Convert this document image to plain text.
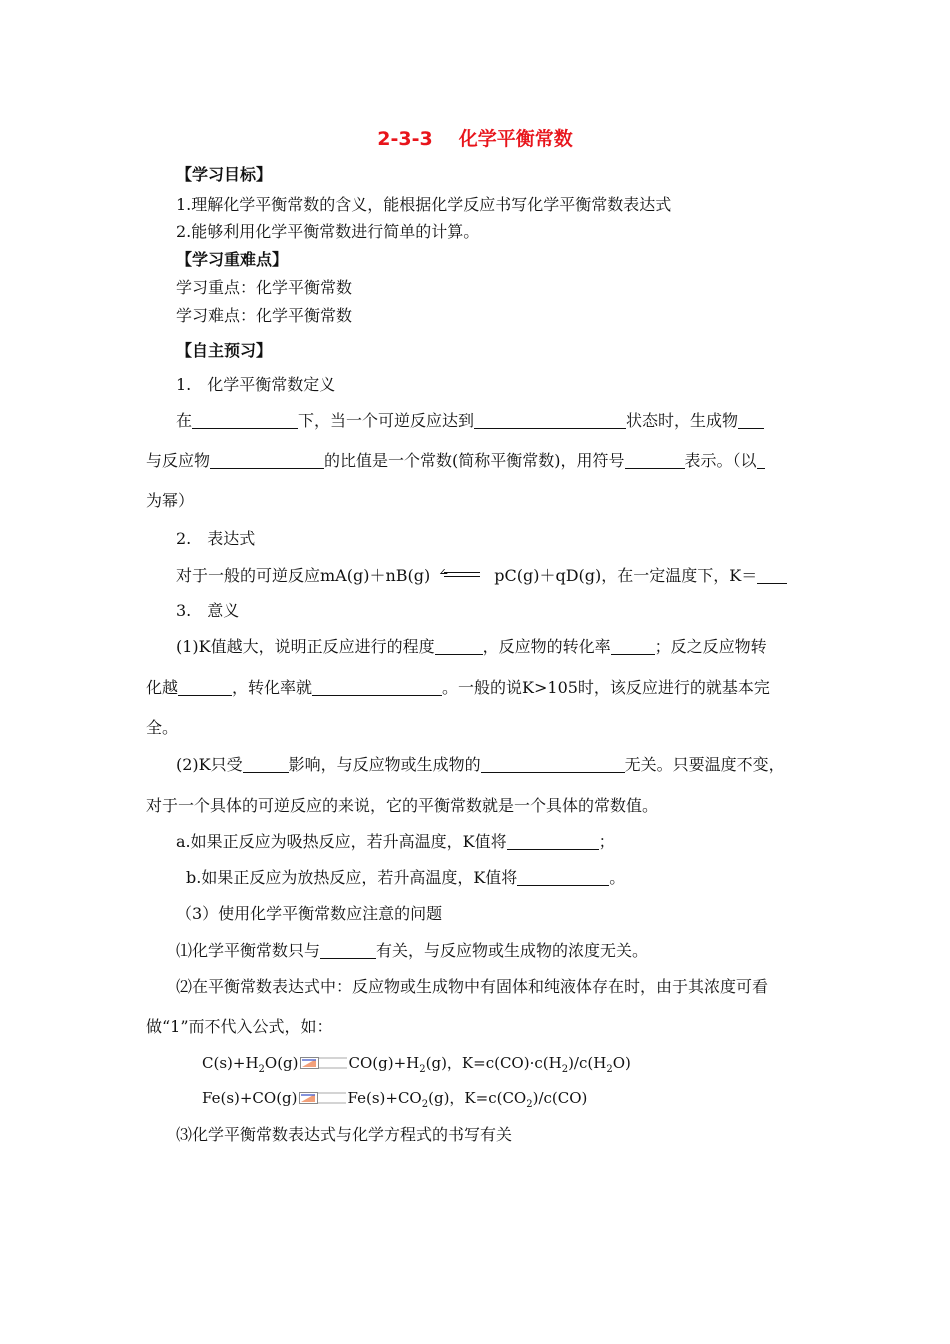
2-3-3 化学平衡常数
【学习目标】
1.理解化学平衡常数的含义，能根据化学反应书写化学平衡常数表达式
2.能够利用化学平衡常数进行简单的计算。
【学习重难点】
学习重点：化学平衡常数
学习难点：化学平衡常数
【自主预习】
1.　化学平衡常数定义
在	下，当一个可逆反应达到	状态时，生成物
与反应物	的比值是一个常数(简称平衡常数)，用符号	表示。（以
为幂）
2.　表达式
对于一般的可逆反应mA(g)＋nB(g)	pC(g)＋qD(g)，在一定温度下，K＝
3.　意义
(1)K值越大，说明正反应进行的程度	，反应物的转化率	；反之反应物转
化越	，转化率就	。一般的说K>105时，该反应进行的就基本完
全。
(2)K只受	影响，与反应物或生成物的	无关。只要温度不变，
对于一个具体的可逆反应的来说，它的平衡常数就是一个具体的常数值。
a.如果正反应为吸热反应，若升高温度，K值将	；
b.如果正反应为放热反应，若升高温度，K值将	。
（3）使用化学平衡常数应注意的问题
⑴化学平衡常数只与	有关，与反应物或生成物的浓度无关。
⑵在平衡常数表达式中：反应物或生成物中有固体和纯液体存在时，由于其浓度可看
做“1”而不代入公式，如：
$C(s)+H_2O(g)$	$CO(g)+H_2(g)$，$K=c(CO)\cdot c(H_2)/c(H_2O)$
Fe(s)+CO(g)	$Fe(s)+CO_2(g)$，$K=c(CO_2)/c(CO)$
⑶化学平衡常数表达式与化学方程式的书写有关
